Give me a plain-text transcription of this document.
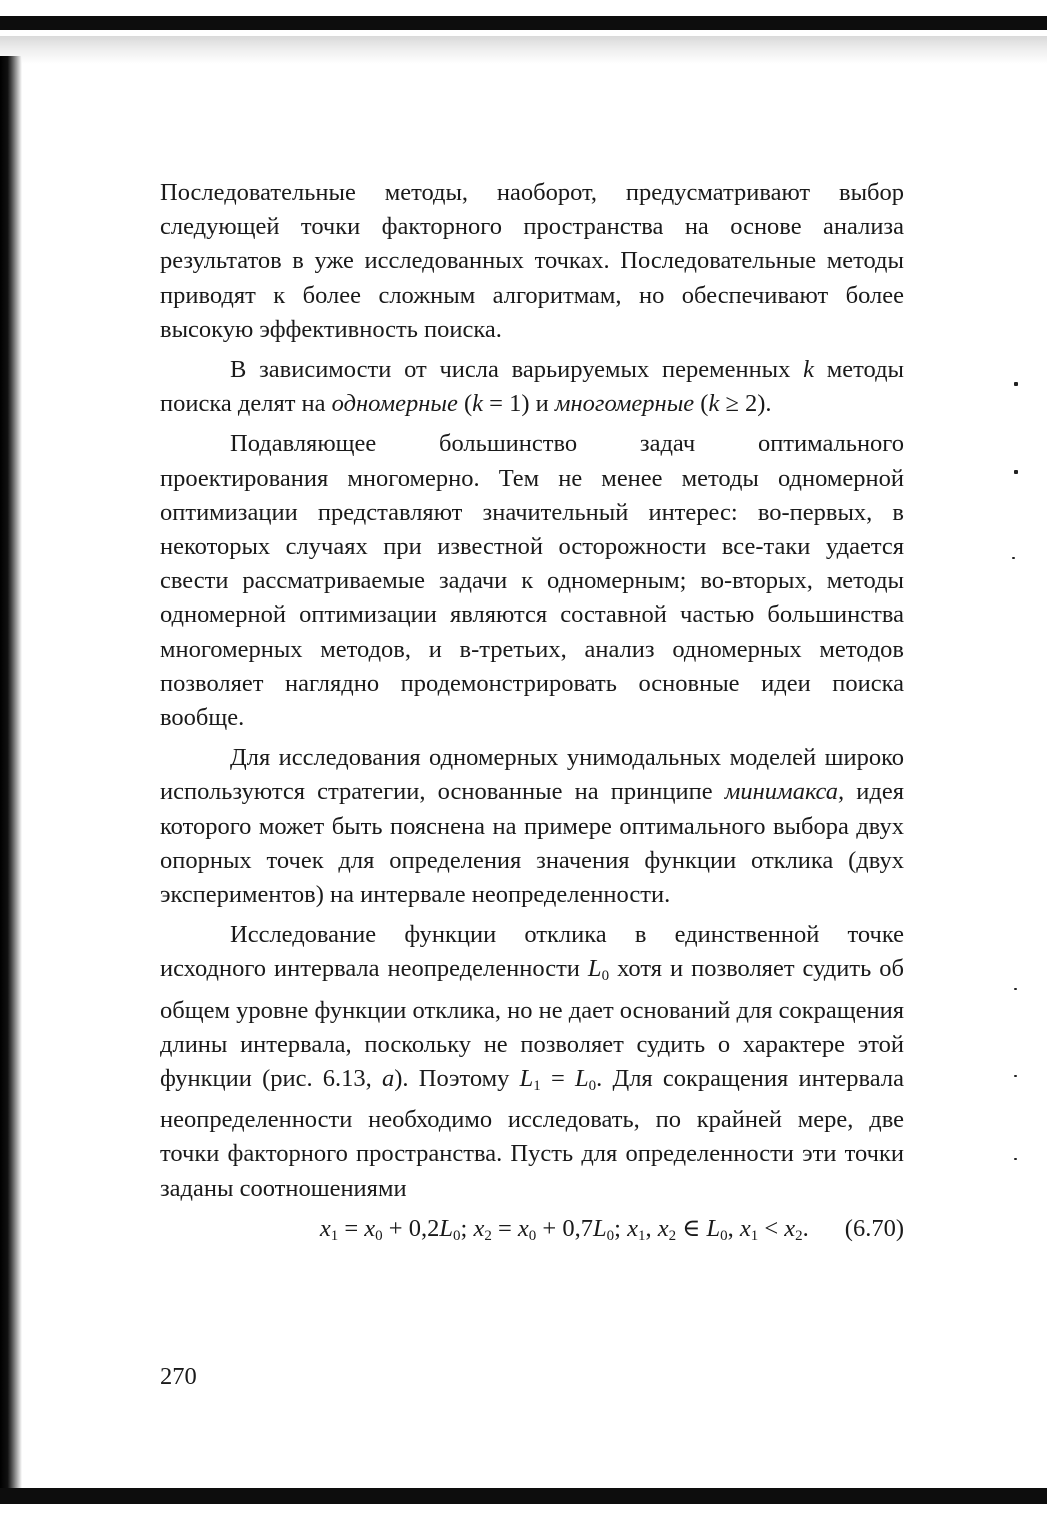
Последовательные методы, наоборот, предусматривают выбор следующей точки факторного пространства на основе анализа результатов в уже исследованных точках. Последовательные методы приводят к более сложным алгоритмам, но обеспечивают более высокую эффективность поиска.

В зависимости от числа варьируемых переменных k методы поиска делят на одномерные (k = 1) и многомерные (k ≥ 2).

Подавляющее большинство задач оптимального проектирования многомерно. Тем не менее методы одномерной оптимизации представляют значительный интерес: во-первых, в некоторых случаях при известной осторожности все-таки удается свести рассматриваемые задачи к одномерным; во-вторых, методы одномерной оптимизации являются составной частью большинства многомерных методов, и в-третьих, анализ одномерных методов позволяет наглядно продемонстрировать основные идеи поиска вообще.

Для исследования одномерных унимодальных моделей широко используются стратегии, основанные на принципе минимакса, идея которого может быть пояснена на примере оптимального выбора двух опорных точек для определения значения функции отклика (двух экспериментов) на интервале неопределенности.

Исследование функции отклика в единственной точке исходного интервала неопределенности $L_0$ хотя и позволяет судить об общем уровне функции отклика, но не дает оснований для сокращения длины интервала, поскольку не позволяет судить о характере этой функции (рис. 6.13, а). Поэтому $L_1 = L_0$. Для сокращения интервала неопределенности необходимо исследовать, по крайней мере, две точки факторного пространства. Пусть для определенности эти точки заданы соотношениями

$x_1 = x_0 + 0,2L_0$; $x_2 = x_0 + 0,7L_0$; $x_1$, $x_2$ ∈ $L_0$, $x_1 < x_2$. (6.70)
270
